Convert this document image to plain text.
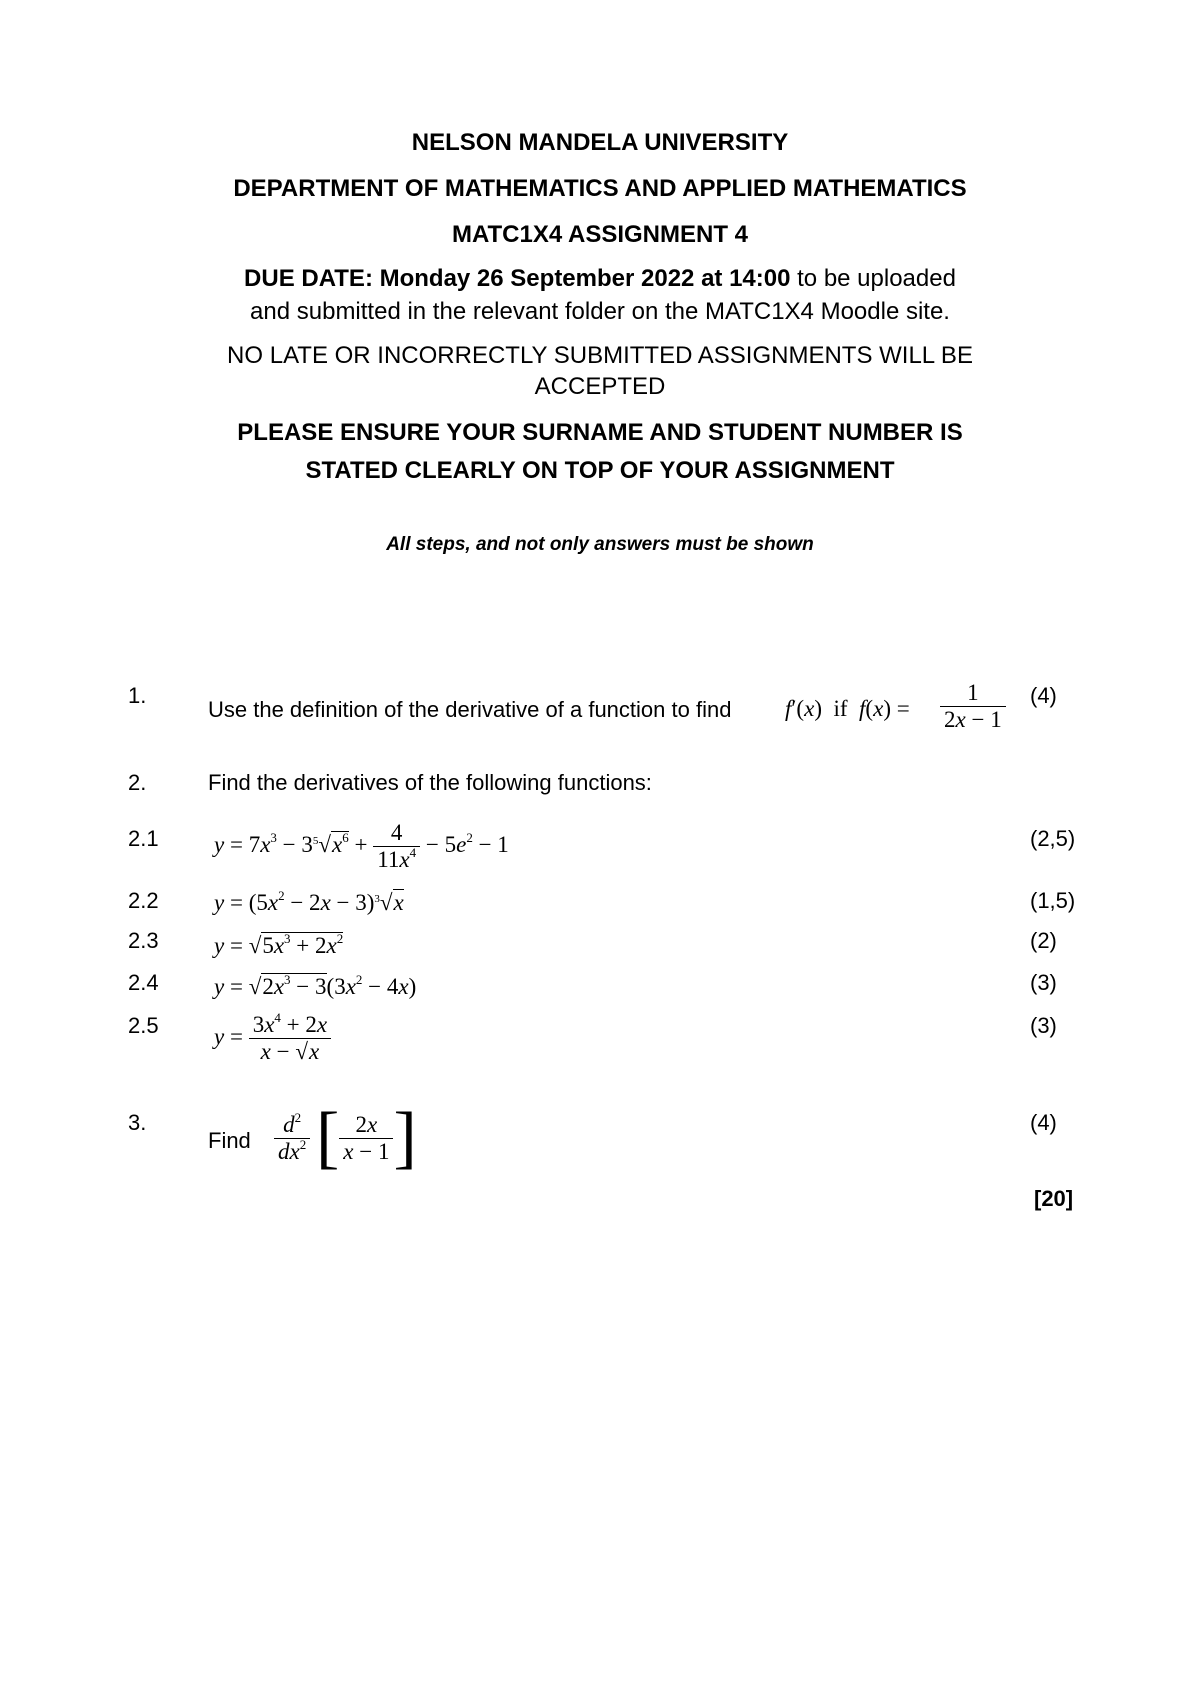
NELSON MANDELA UNIVERSITY
DEPARTMENT OF MATHEMATICS AND APPLIED MATHEMATICS
MATC1X4 ASSIGNMENT 4
DUE DATE: Monday 26 September 2022 at 14:00 to be uploaded
and submitted in the relevant folder on the MATC1X4 Moodle site.
NO LATE OR INCORRECTLY SUBMITTED ASSIGNMENTS WILL BE
ACCEPTED
PLEASE ENSURE YOUR SURNAME AND STUDENT NUMBER IS
STATED CLEARLY ON TOP OF YOUR ASSIGNMENT
All steps, and not only answers must be shown
1.
Use the definition of the derivative of a function to find f′(x)  if  $f(x) = \frac{1}{2x - 1} (4)$
2.	Find the derivatives of the following functions:
2.1 $y = 7x^3 - 3^5√x^6 + \frac{4}{11x^4} - 5e^2 - 1$	(2,5)
2.2 $y = (5x^2 - 2x - 3)^3√x$	(1,5)
2.3 $y = √5x^3 + 2x^2$	(2)
2.4 $y = √2x^3 - 3(3x^2 - 4x)$	(3)
2.5 $y = \frac{3x^4 + 2x}{x - √x}$	(3)
3.
Find $\frac{d^2}{dx^2}$ [ $\frac{2x}{x - 1}$ ]	(4)
[20]
